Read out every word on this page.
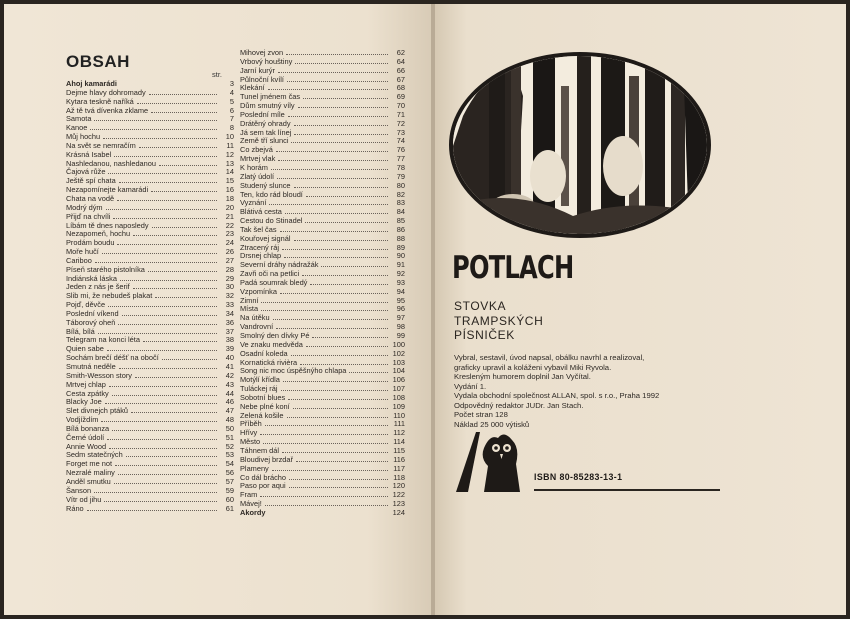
OBSAH
str.
Ahoj kamarádi	3
Dejme hlavy dohromady	4
Kytara teskně naříká	5
Až tě tvá dívenka zklame	6
Samota	7
Kanoe	8
Můj hochu	10
Na svět se nemračím	11
Krásná Isabel	12
Nashledanou, nashledanou	13
Čajová růže	14
Ještě spí chata	15
Nezapomínejte kamarádi	16
Chata na vodě	18
Modrý dým	20
Přijď na chvíli	21
Líbám tě dnes naposledy	22
Nezapomeň, hochu	23
Prodám boudu	24
Moře hučí	26
Cariboo	27
Píseň starého pistolníka	28
Indiánská láska	29
Jeden z nás je šerif	30
Slib mi, že nebudeš plakat	32
Pojď, děvče	33
Poslední víkend	34
Táborový oheň	36
Bílá, bílá	37
Telegram na konci léta	38
Quien sabe	39
Sochám brečí déšť na obočí	40
Smutná neděle	41
Smith-Wesson story	42
Mrtvej chlap	43
Cesta zpátky	44
Blacky Joe	46
Slet divnejch ptáků	47
Vodjíždím	48
Bílá bonanza	50
Černé údolí	51
Annie Wood	52
Sedm statečných	53
Forget me not	54
Nezralé maliny	56
Anděl smutku	57
Šanson	59
Vítr od jihu	60
Ráno	61
Mihovej zvon	62
Vrbový houštiny	64
Jarní kurýr	66
Půlnoční kvílí	67
Klekání	68
Tunel jménem čas	69
Dům smutný víly	70
Poslední míle	71
Drátěný ohrady	72
Já sem tak línej	73
Země tří slunci	74
Co zbejvá	76
Mrtvej vlak	77
K horám	78
Zlatý údolí	79
Studený slunce	80
Ten, kdo rád bloudí	82
Vyznání	83
Blátivá cesta	84
Cestou do Stinadel	85
Tak šel čas	86
Kouřovej signál	88
Ztracený ráj	89
Drsnej chlap	90
Severní dráhy nádražák	91
Zavři oči na petlici	92
Padá soumrak bledý	93
Vzpomínka	94
Zimní	95
Místa	96
Na útěku	97
Vandrovní	98
Smolný den dívky Pé	99
Ve znaku medvěda	100
Osadní koleda	102
Kornatická rivièra	103
Song nic moc úspěšnýho chlapa	104
Motýlí křídla	106
Tuláckej ráj	107
Sobotní blues	108
Nebe plné koní	109
Zelená košile	110
Příběh	111
Hřívy	112
Město	114
Táhnem dál	115
Bloudivej brzdař	116
Plameny	117
Co dál brácho	118
Paso por aqui	120
Fram	122
Mávej!	123
Akordy	124
POTLACH
STOVKA
TRAMPSKÝCH
PÍSNIČEK
Vybral, sestavil, úvod napsal, obálku navrhl a realizoval,
graficky upravil a koláženi vybavil Miki Ryvola.
Kresleným humorem doplnil Jan Vyčítal.
Vydání 1.
Vydala obchodní společnost ALLAN, spol. s r.o., Praha 1992
Odpovědný redaktor JUDr. Jan Stach.
Počet stran 128
Náklad 25 000 výtisků
ISBN 80-85283-13-1
